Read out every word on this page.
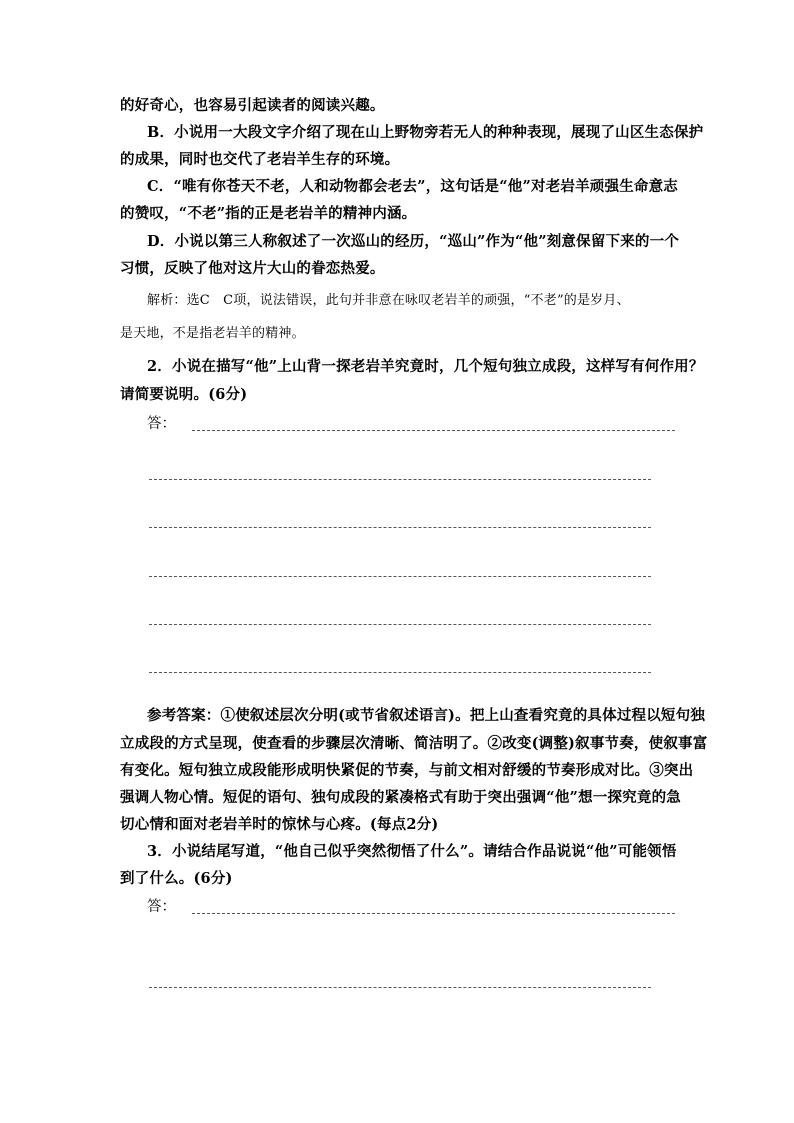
的好奇心，也容易引起读者的阅读兴趣。
B．小说用一大段文字介绍了现在山上野物旁若无人的种种表现，展现了山区生态保护
的成果，同时也交代了老岩羊生存的环境。
C．“唯有你苍天不老，人和动物都会老去”，这句话是“他”对老岩羊顽强生命意志
的赞叹，“不老”指的正是老岩羊的精神内涵。
D．小说以第三人称叙述了一次巡山的经历，“巡山”作为“他”刻意保留下来的一个
习惯，反映了他对这片大山的眷恋热爱。
解析：选C　C项，说法错误，此句并非意在咏叹老岩羊的顽强，“不老”的是岁月、
是天地，不是指老岩羊的精神。
2．小说在描写“他”上山背一探老岩羊究竟时，几个短句独立成段，这样写有何作用？
请简要说明。(6分)
答：
参考答案：①使叙述层次分明(或节省叙述语言)。把上山查看究竟的具体过程以短句独
立成段的方式呈现，使查看的步骤层次清晰、简洁明了。②改变(调整)叙事节奏，使叙事富
有变化。短句独立成段能形成明快紧促的节奏，与前文相对舒缓的节奏形成对比。③突出
强调人物心情。短促的语句、独句成段的紧凑格式有助于突出强调“他”想一探究竟的急
切心情和面对老岩羊时的惊怵与心疼。(每点2分)
3．小说结尾写道，“他自己似乎突然彻悟了什么”。请结合作品说说“他”可能领悟
到了什么。(6分)
答：
